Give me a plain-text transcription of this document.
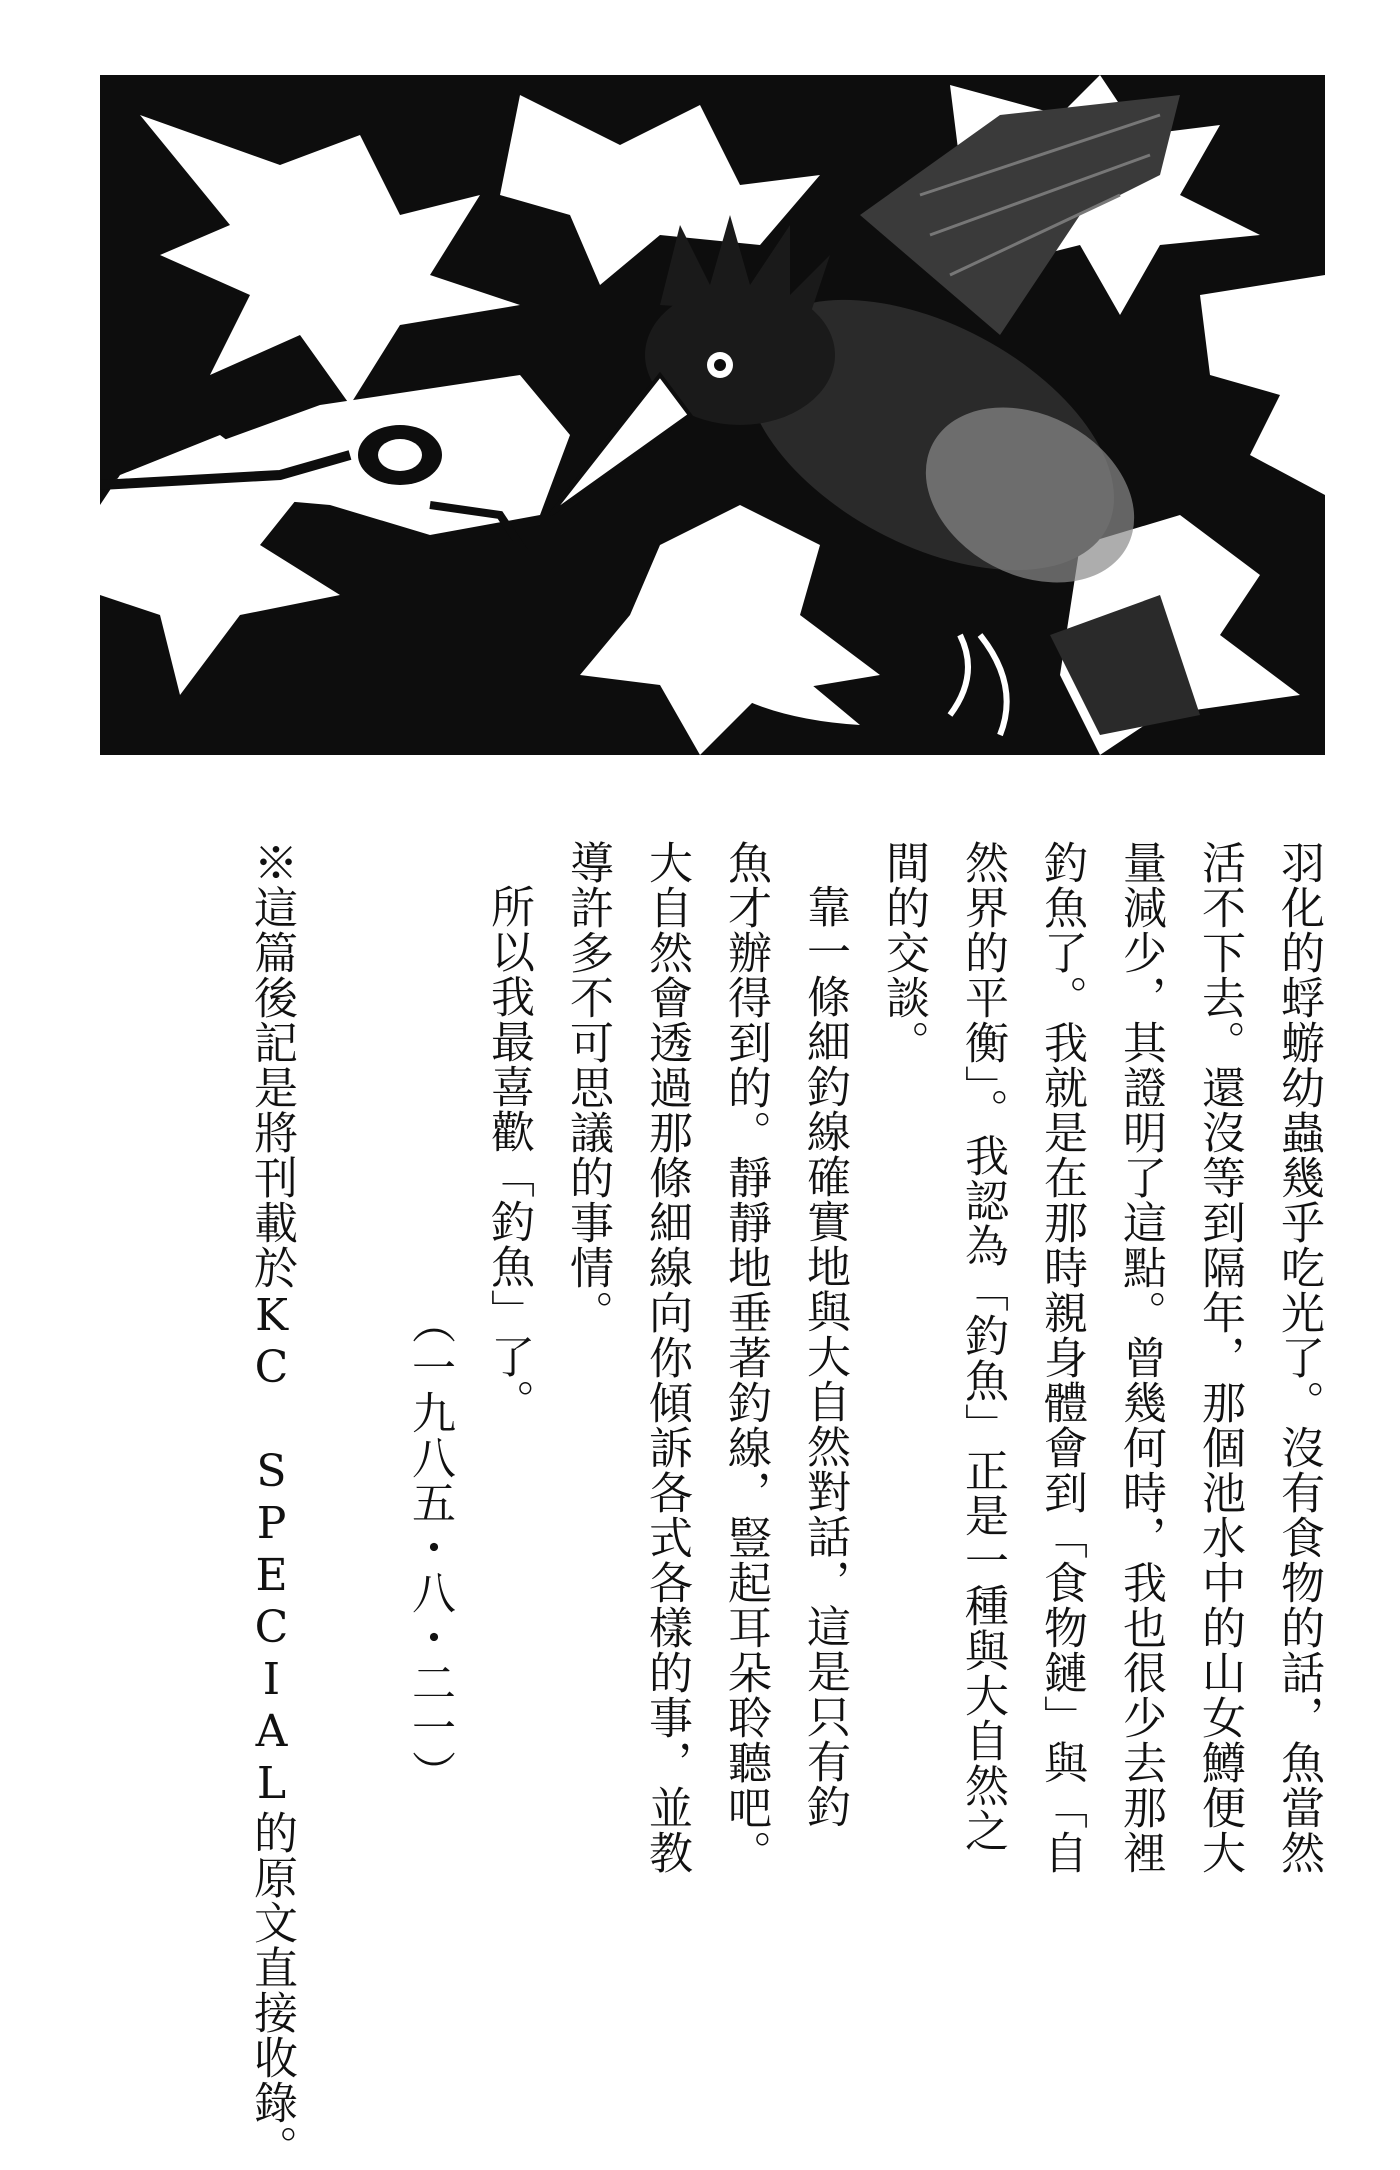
羽化的蜉蝣幼蟲幾乎吃光了。沒有食物的話，魚當然
活不下去。還沒等到隔年，那個池水中的山女鱒便大
量減少，其證明了這點。曾幾何時，我也很少去那裡
釣魚了。我就是在那時親身體會到「食物鏈」與「自
然界的平衡」。我認為「釣魚」正是一種與大自然之
間的交談。
靠一條細釣線確實地與大自然對話，這是只有釣
魚才辦得到的。靜靜地垂著釣線，豎起耳朵聆聽吧。
大自然會透過那條細線向你傾訴各式各樣的事，並教
導許多不可思議的事情。
所以我最喜歡「釣魚」了。
（一九八五・八・二一）
※這篇後記是將刊載於KC SPECIAL的原文直接收錄。
